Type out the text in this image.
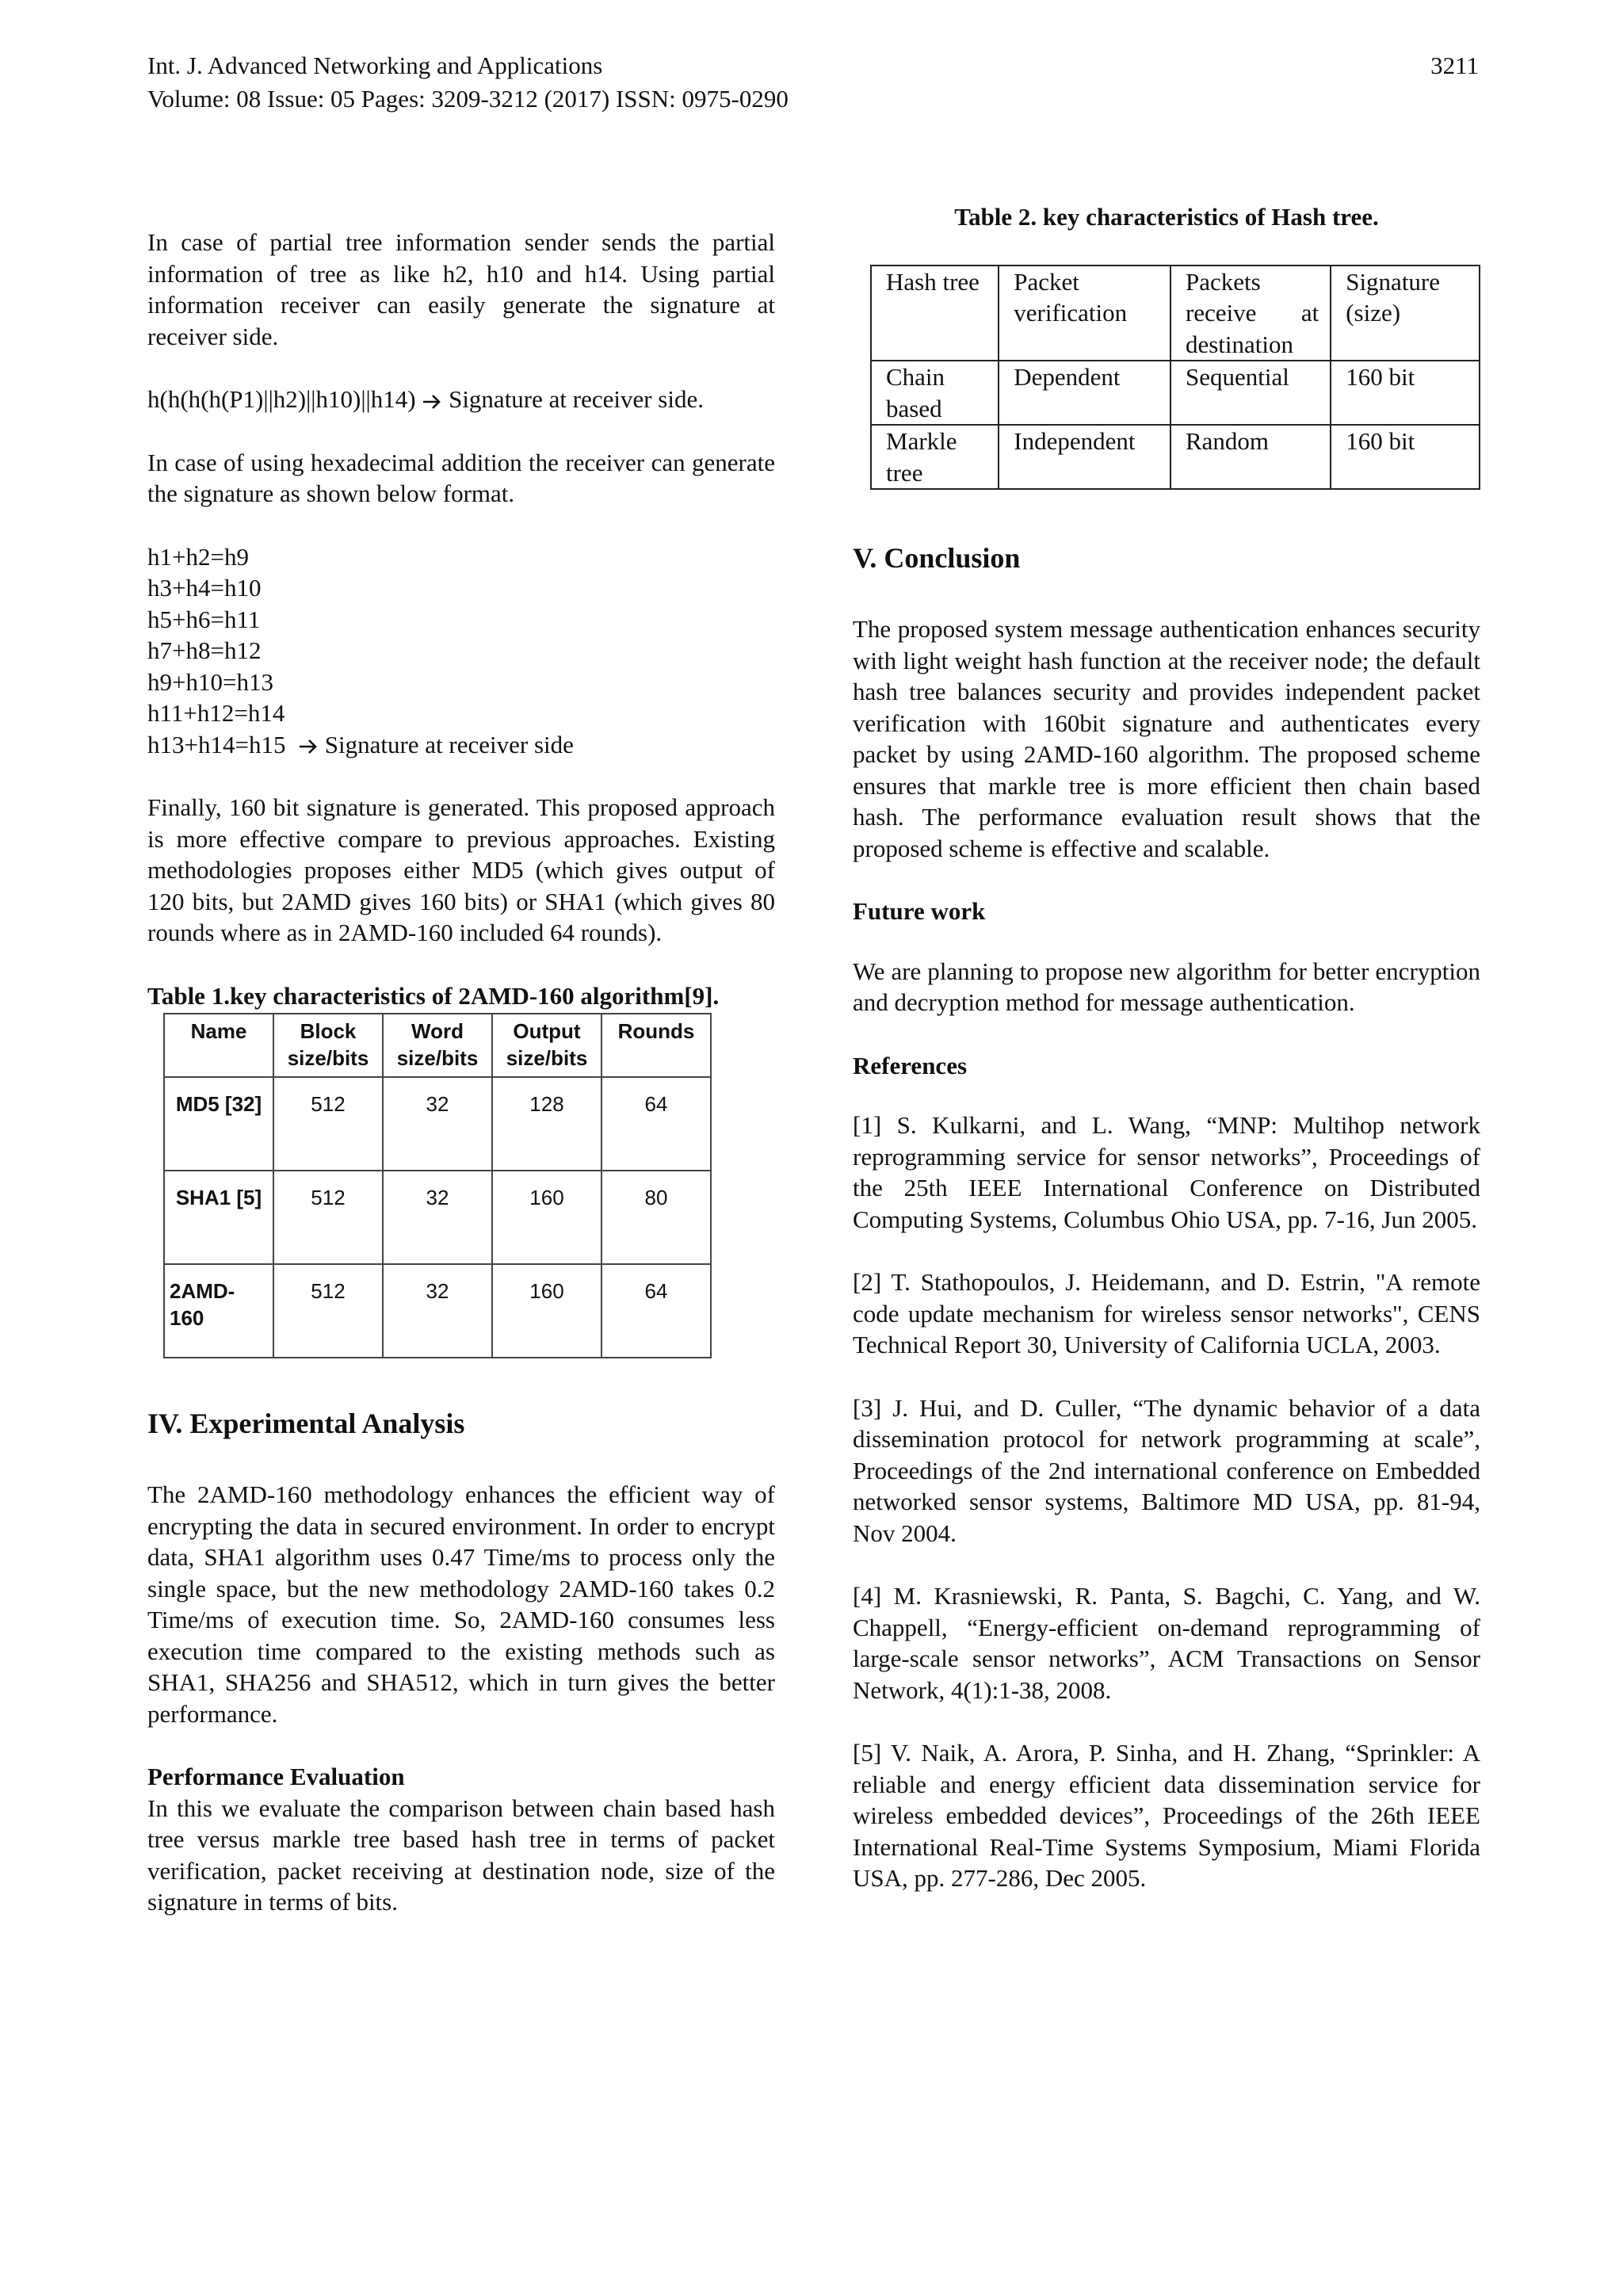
Int. J. Advanced Networking and Applications
Volume: 08 Issue: 05 Pages: 3209-3212 (2017) ISSN: 0975-0290
3211

In case of partial tree information sender sends the partial information of tree as like h2, h10 and h14. Using partial information receiver can easily generate the signature at receiver side.

h(h(h(h(P1)||h2)||h10)||h14) Signature at receiver side.

In case of using hexadecimal addition the receiver can generate the signature as shown below format.

h1+h2=h9
h3+h4=h10
h5+h6=h11
h7+h8=h12
h9+h10=h13
h11+h12=h14
h13+h14=h15 Signature at receiver side

Finally, 160 bit signature is generated. This proposed approach is more effective compare to previous approaches. Existing methodologies proposes either MD5 (which gives output of 120 bits, but 2AMD gives 160 bits) or SHA1 (which gives 80 rounds where as in 2AMD-160 included 64 rounds).

Table 1.key characteristics of 2AMD-160 algorithm[9].
Name	Block size/bits	Word size/bits	Output size/bits	Rounds
MD5 [32]	512	32	128	64
SHA1 [5]	512	32	160	80
2AMD-160	512	32	160	64
IV. Experimental Analysis

The 2AMD-160 methodology enhances the efficient way of encrypting the data in secured environment. In order to encrypt data, SHA1 algorithm uses 0.47 Time/ms to process only the single space, but the new methodology 2AMD-160 takes 0.2 Time/ms of execution time. So, 2AMD-160 consumes less execution time compared to the existing methods such as SHA1, SHA256 and SHA512, which in turn gives the better performance.

Performance Evaluation

In this we evaluate the comparison between chain based hash tree versus markle tree based hash tree in terms of packet verification, packet receiving at destination node, size of the signature in terms of bits.

Table 2. key characteristics of Hash tree.
Hash tree	Packet verification	Packets receive at destination	Signature (size)
Chain based	Dependent	Sequential	160 bit
Markle tree	Independent	Random	160 bit
V. Conclusion

The proposed system message authentication enhances security with light weight hash function at the receiver node; the default hash tree balances security and provides independent packet verification with 160bit signature and authenticates every packet by using 2AMD-160 algorithm. The proposed scheme ensures that markle tree is more efficient then chain based hash. The performance evaluation result shows that the proposed scheme is effective and scalable.

Future work

We are planning to propose new algorithm for better encryption and decryption method for message authentication.

References
[1] S. Kulkarni, and L. Wang, “MNP: Multihop network reprogramming service for sensor networks”, Proceedings of the 25th IEEE International Conference on Distributed Computing Systems, Columbus Ohio USA, pp. 7-16, Jun 2005.
[2] T. Stathopoulos, J. Heidemann, and D. Estrin, "A remote code update mechanism for wireless sensor networks", CENS Technical Report 30, University of California UCLA, 2003.
[3] J. Hui, and D. Culler, “The dynamic behavior of a data dissemination protocol for network programming at scale”, Proceedings of the 2nd international conference on Embedded networked sensor systems, Baltimore MD USA, pp. 81-94, Nov 2004.
[4] M. Krasniewski, R. Panta, S. Bagchi, C. Yang, and W. Chappell, “Energy-efficient on-demand reprogramming of large-scale sensor networks”, ACM Transactions on Sensor Network, 4(1):1-38, 2008.
[5] V. Naik, A. Arora, P. Sinha, and H. Zhang, “Sprinkler: A reliable and energy efficient data dissemination service for wireless embedded devices”, Proceedings of the 26th IEEE International Real-Time Systems Symposium, Miami Florida USA, pp. 277-286, Dec 2005.
